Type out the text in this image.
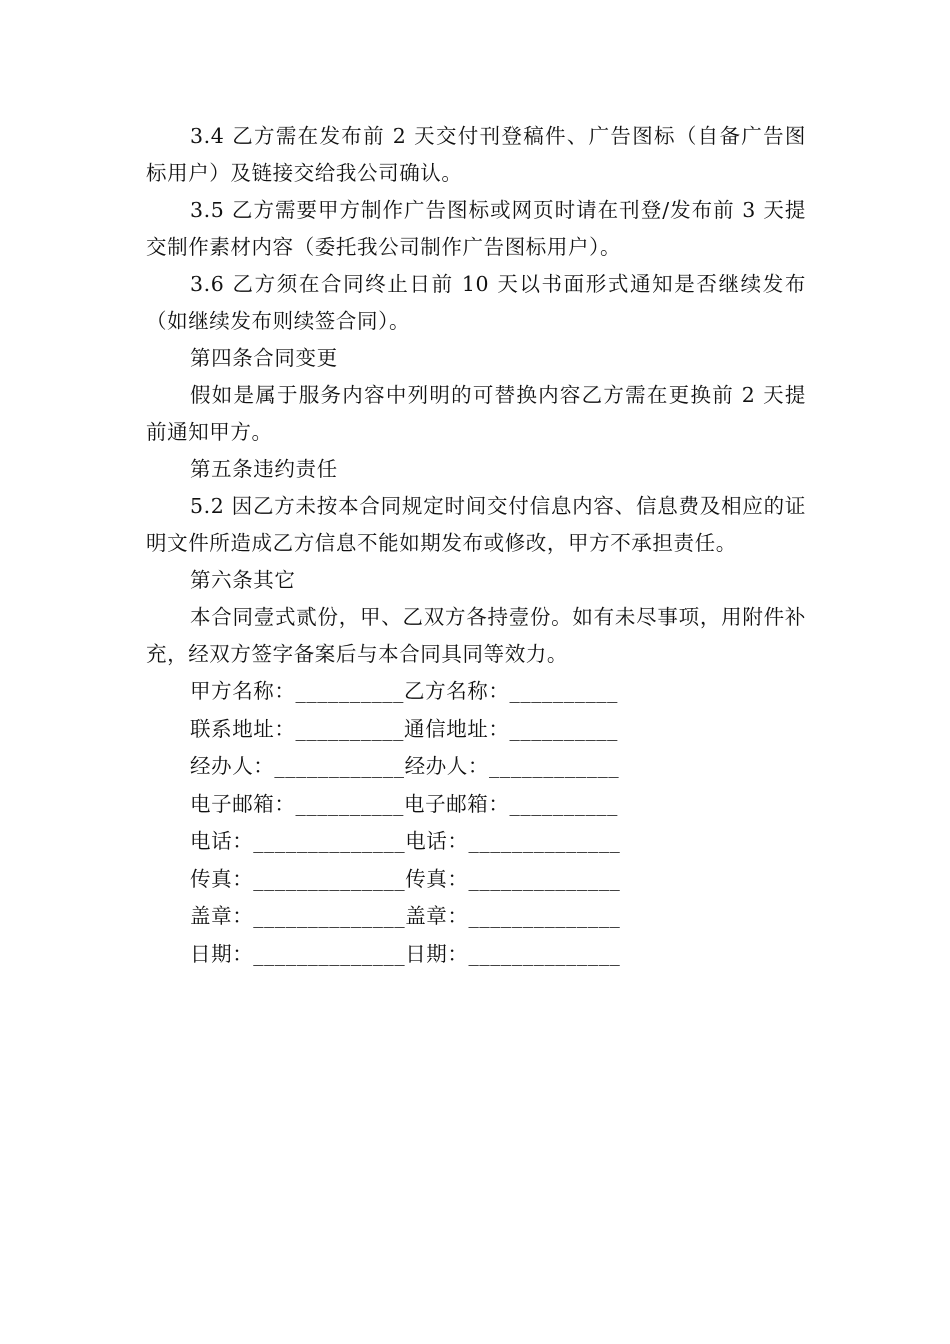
3.4 乙方需在发布前 2 天交付刊登稿件、广告图标（自备广告图标用户）及链接交给我公司确认。

3.5 乙方需要甲方制作广告图标或网页时请在刊登/发布前 3 天提交制作素材内容（委托我公司制作广告图标用户）。

3.6 乙方须在合同终止日前 10 天以书面形式通知是否继续发布（如继续发布则续签合同）。

第四条合同变更

假如是属于服务内容中列明的可替换内容乙方需在更换前 2 天提前通知甲方。

第五条违约责任

5.2 因乙方未按本合同规定时间交付信息内容、信息费及相应的证明文件所造成乙方信息不能如期发布或修改，甲方不承担责任。

第六条其它

本合同壹式贰份，甲、乙双方各持壹份。如有未尽事项，用附件补充，经双方签字备案后与本合同具同等效力。

甲方名称：__________乙方名称：__________

联系地址：__________通信地址：__________

经办人：____________经办人：____________

电子邮箱：__________电子邮箱：__________

电话：______________电话：______________

传真：______________传真：______________

盖章：______________盖章：______________

日期：______________日期：______________
